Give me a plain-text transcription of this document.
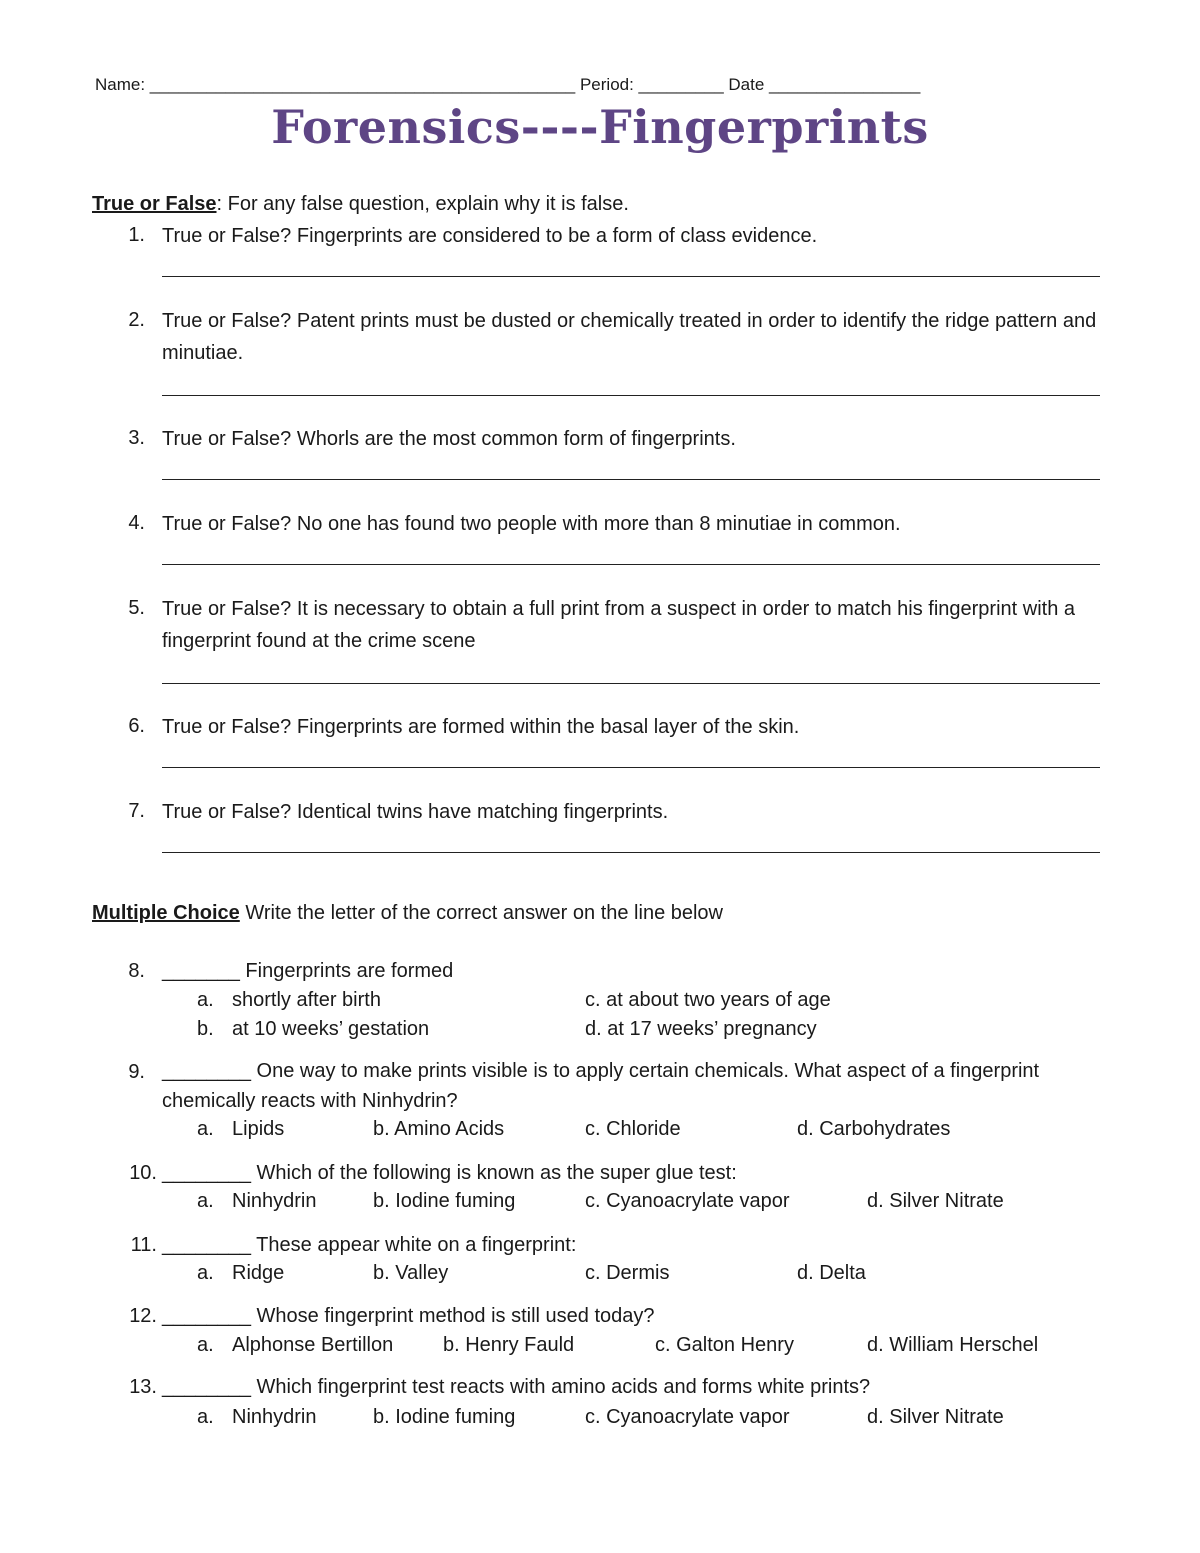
Name: _____________________________________________ Period: _________ Date ________________
Forensics----Fingerprints
True or False: For any false question, explain why it is false.
1. True or False? Fingerprints are considered to be a form of class evidence.
2. True or False? Patent prints must be dusted or chemically treated in order to identify the ridge pattern and minutiae.
3. True or False? Whorls are the most common form of fingerprints.
4. True or False? No one has found two people with more than 8 minutiae in common.
5. True or False? It is necessary to obtain a full print from a suspect in order to match his fingerprint with a fingerprint found at the crime scene
6. True or False? Fingerprints are formed within the basal layer of the skin.
7. True or False? Identical twins have matching fingerprints.
Multiple Choice Write the letter of the correct answer on the line below
8. _______ Fingerprints are formed
a. shortly after birth	c. at about two years of age
b. at 10 weeks’ gestation	d. at 17 weeks’ pregnancy
9. ________ One way to make prints visible is to apply certain chemicals. What aspect of a fingerprint chemically reacts with Ninhydrin?
a. Lipids	b. Amino Acids	c. Chloride	d. Carbohydrates
10. ________ Which of the following is known as the super glue test:
a. Ninhydrin	b. Iodine fuming	c. Cyanoacrylate vapor	d. Silver Nitrate
11. ________ These appear white on a fingerprint:
a. Ridge	b. Valley	c. Dermis	d. Delta
12. ________ Whose fingerprint method is still used today?
a. Alphonse Bertillon b. Henry Fauld	c. Galton Henry	d. William Herschel
13. ________ Which fingerprint test reacts with amino acids and forms white prints?
a. Ninhydrin	b. Iodine fuming	c. Cyanoacrylate vapor	d. Silver Nitrate
